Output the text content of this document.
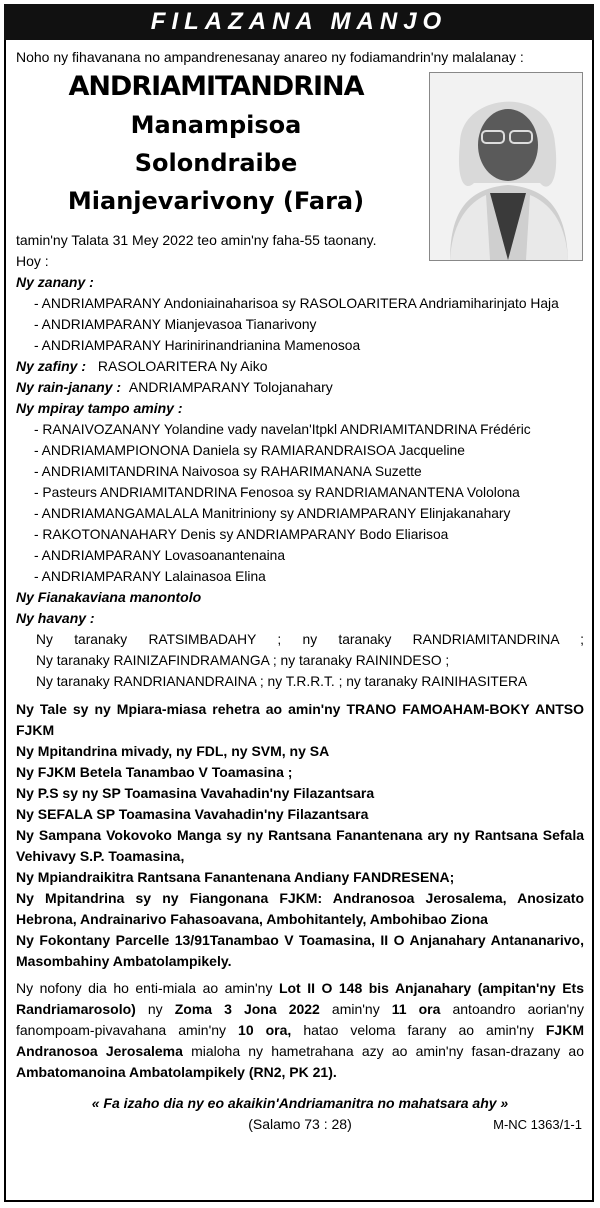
FILAZANA MANJO

Noho ny fihavanana no ampandrenesanay anareo ny fodiamandrin'ny malalanay :

ANDRIAMITANDRINA
Manampisoa
Solondraibe
Mianjevarivony (Fara)
tamin'ny Talata 31 Mey 2022 teo amin'ny faha-55 taonany.
Hoy :
Ny zanany :
- ANDRIAMPARANY Andoniainaharisoa sy RASOLOARITERA Andriamiharinjato Haja
- ANDRIAMPARANY Mianjevasoa Tianarivony
- ANDRIAMPARANY Harinirinandrianina Mamenosoa
Ny zafiny : RASOLOARITERA Ny Aiko
Ny rain-janany : ANDRIAMPARANY Tolojanahary
Ny mpiray tampo aminy :
- RANAIVOZANANY Yolandine vady navelan'Itpkl ANDRIAMITANDRINA Frédéric
- ANDRIAMAMPIONONA Daniela sy RAMIARANDRAISOA Jacqueline
- ANDRIAMITANDRINA Naivosoa sy RAHARIMANANA Suzette
- Pasteurs ANDRIAMITANDRINA Fenosoa sy RANDRIAMANANTENA Vololona
- ANDRIAMANGAMALALA Manitriniony sy ANDRIAMPARANY Elinjakanahary
- RAKOTONANAHARY Denis sy ANDRIAMPARANY Bodo Eliarisoa
- ANDRIAMPARANY Lovasoanantenaina
- ANDRIAMPARANY Lalainasoa Elina
Ny Fianakaviana manontolo
Ny havany :
Ny taranaky RATSIMBADAHY ; ny taranaky RANDRIAMITANDRINA ;
Ny taranaky RAINIZAFINDRAMANGA ; ny taranaky RAININDESO ;
Ny taranaky RANDRIANANDRAINA ; ny T.R.R.T. ; ny taranaky RAINIHASITERA
Ny Tale sy ny Mpiara-miasa rehetra ao amin'ny TRANO FAMOAHAM-BOKY ANTSO FJKM
Ny Mpitandrina mivady, ny FDL, ny SVM, ny SA
Ny FJKM Betela Tanambao V Toamasina ;
Ny P.S sy ny SP Toamasina Vavahadin'ny Filazantsara
Ny SEFALA SP Toamasina Vavahadin'ny Filazantsara
Ny Sampana Vokovoko Manga sy ny Rantsana Fanantenana ary ny Rantsana Sefala Vehivavy S.P. Toamasina,
Ny Mpiandraikitra Rantsana Fanantenana Andiany FANDRESENA;
Ny Mpitandrina sy ny Fiangonana FJKM: Andranosoa Jerosalema, Anosizato Hebrona, Andrainarivo Fahasoavana, Ambohitantely, Ambohibao Ziona
Ny Fokontany Parcelle 13/91Tanambao V Toamasina, II O Anjanahary Antananarivo, Masombahiny Ambatolampikely.
Ny nofony dia ho enti-miala ao amin'ny Lot II O 148 bis Anjanahary (ampitan'ny Ets Randriamarosolo) ny Zoma 3 Jona 2022 amin'ny 11 ora antoandro aorian'ny fanompoam-pivavahana amin'ny 10 ora, hatao veloma farany ao amin'ny FJKM Andranosoa Jerosalema mialoha ny hametrahana azy ao amin'ny fasan-drazany ao Ambatomanoina Ambatolampikely (RN2, PK 21).
« Fa izaho dia ny eo akaikin'Andriamanitra no mahatsara ahy »
(Salamo 73 : 28)	M-NC 1363/1-1
